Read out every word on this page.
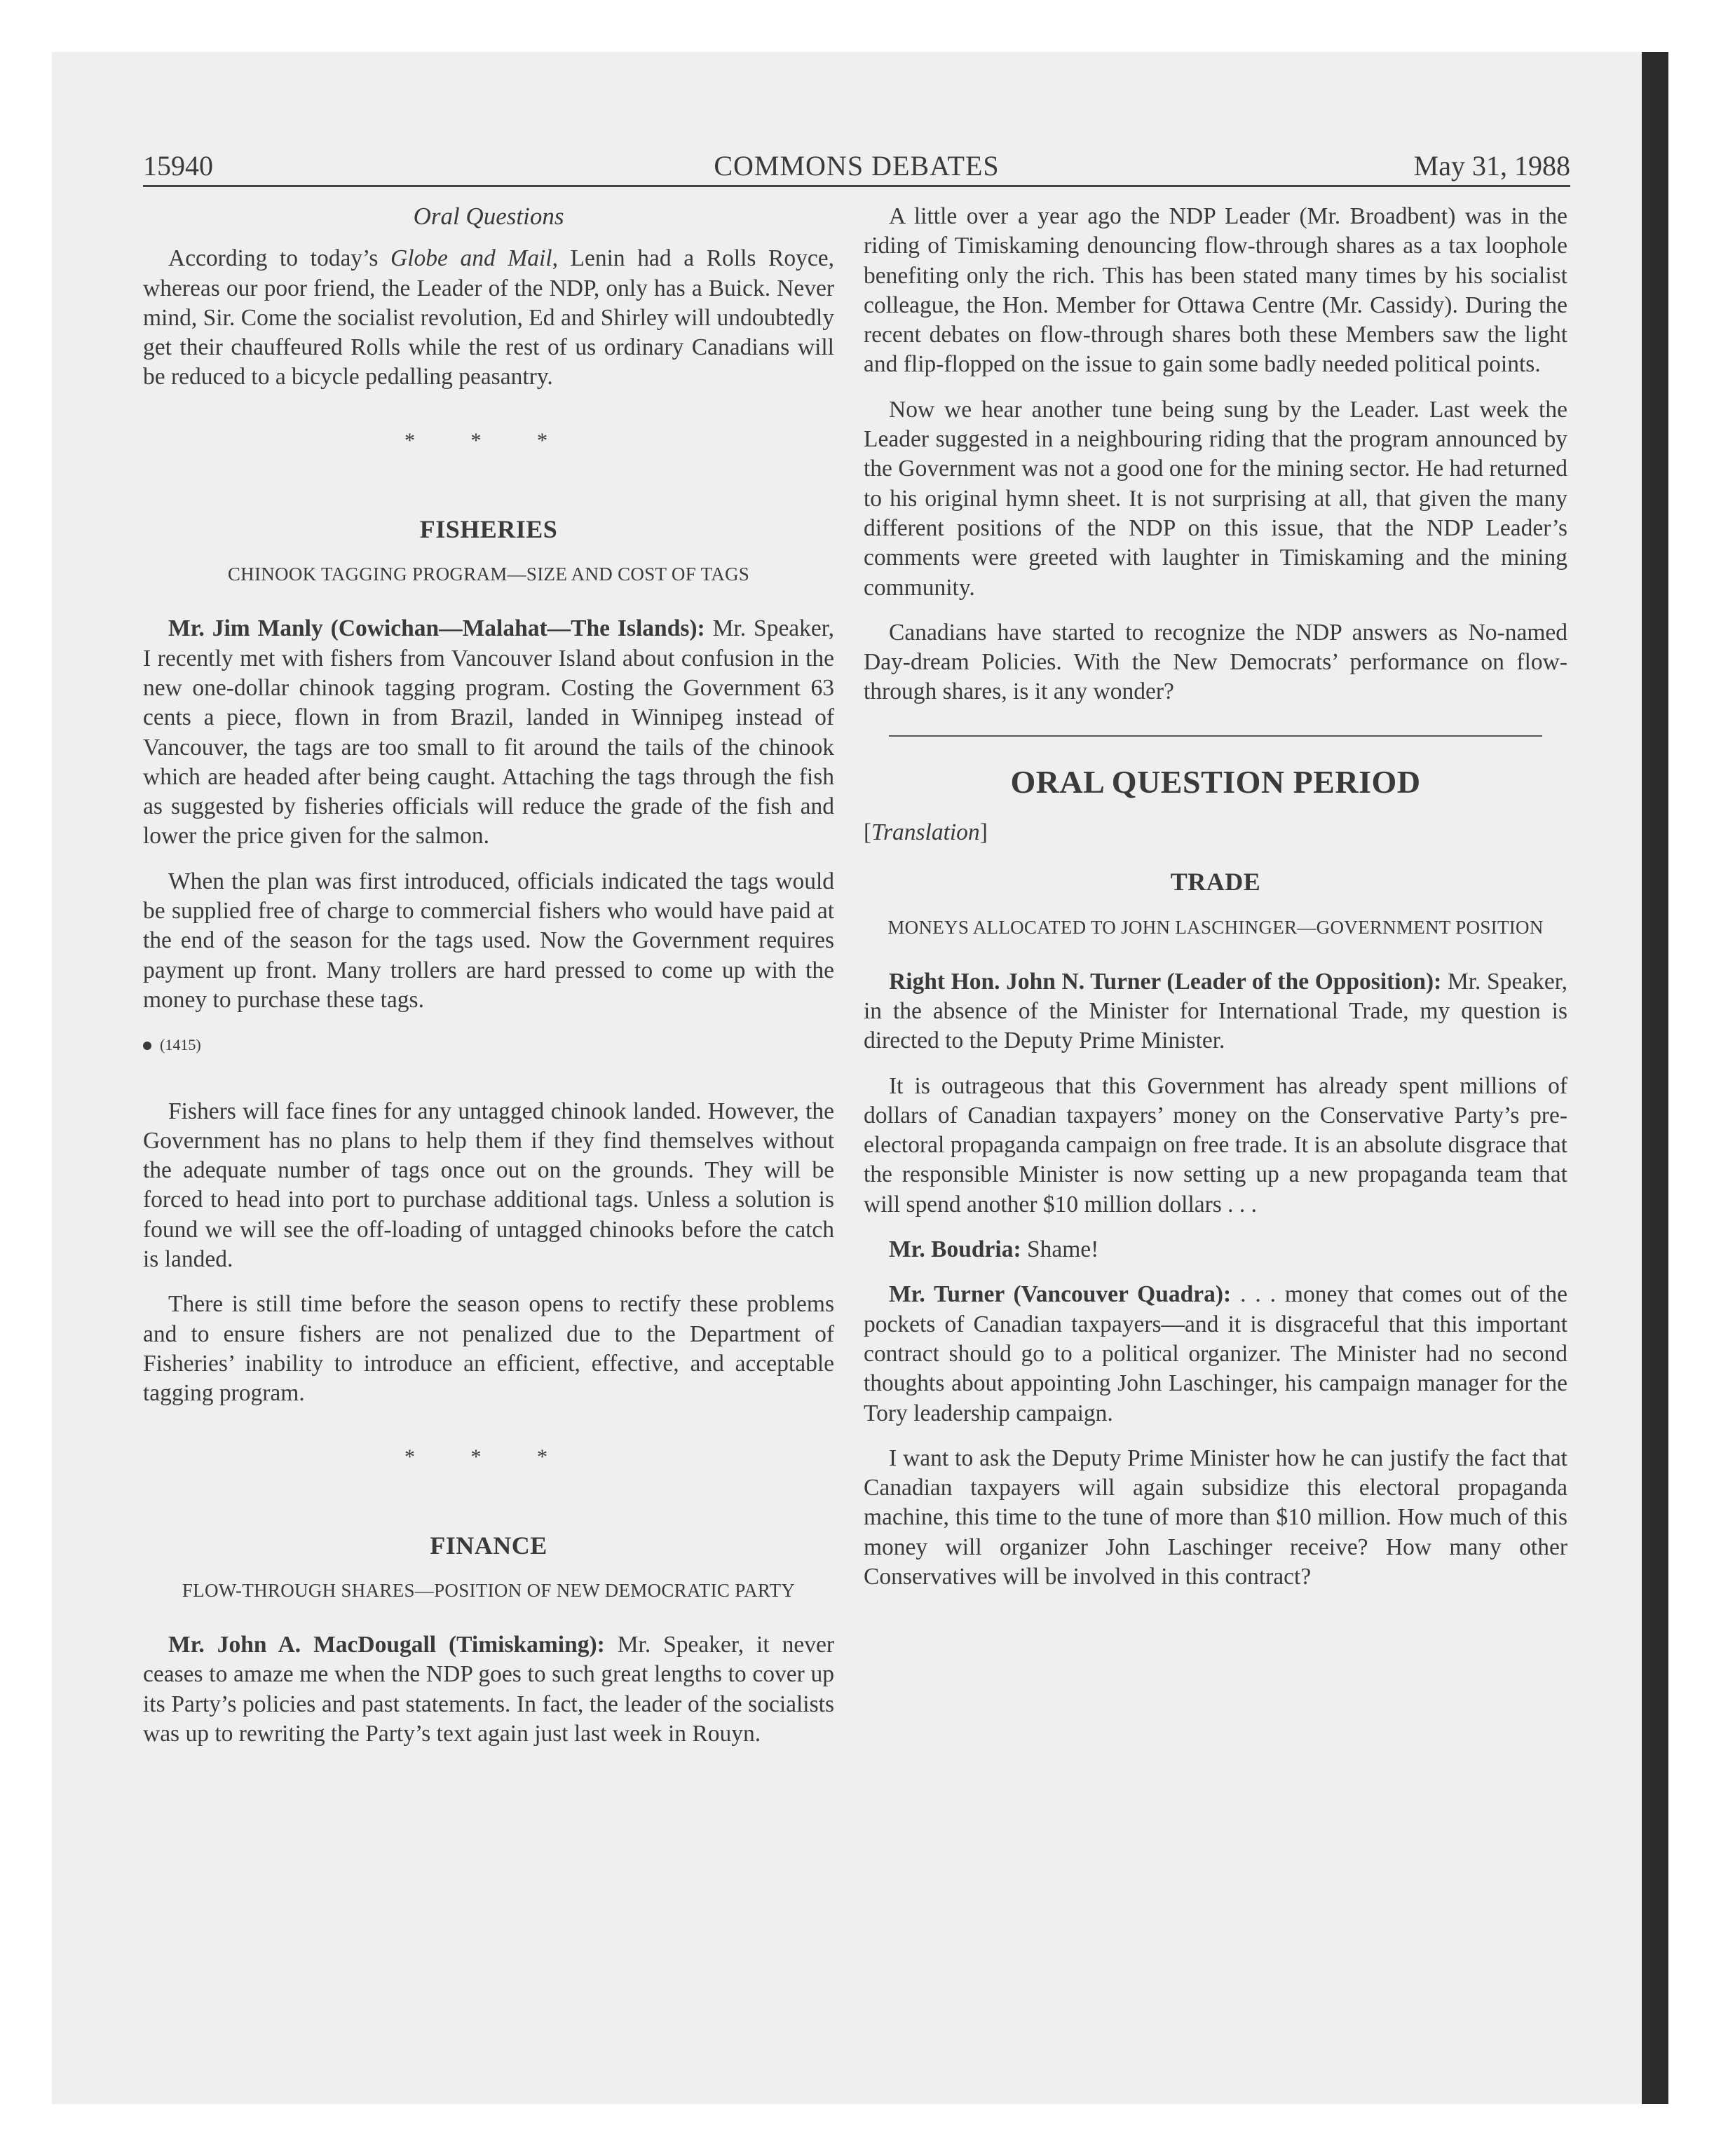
15940	COMMONS DEBATES	May 31, 1988
Oral Questions

According to today’s Globe and Mail, Lenin had a Rolls Royce, whereas our poor friend, the Leader of the NDP, only has a Buick. Never mind, Sir. Come the socialist revolution, Ed and Shirley will undoubtedly get their chauffeured Rolls while the rest of us ordinary Canadians will be reduced to a bicycle pedalling peasantry.

* * *
FISHERIES
CHINOOK TAGGING PROGRAM—SIZE AND COST OF TAGS

Mr. Jim Manly (Cowichan—Malahat—The Islands): Mr. Speaker, I recently met with fishers from Vancouver Island about confusion in the new one-dollar chinook tagging program. Costing the Government 63 cents a piece, flown in from Brazil, landed in Winnipeg instead of Vancouver, the tags are too small to fit around the tails of the chinook which are headed after being caught. Attaching the tags through the fish as suggested by fisheries officials will reduce the grade of the fish and lower the price given for the salmon.

When the plan was first introduced, officials indicated the tags would be supplied free of charge to commercial fishers who would have paid at the end of the season for the tags used. Now the Government requires payment up front. Many trollers are hard pressed to come up with the money to purchase these tags.

(1415)

Fishers will face fines for any untagged chinook landed. However, the Government has no plans to help them if they find themselves without the adequate number of tags once out on the grounds. They will be forced to head into port to purchase additional tags. Unless a solution is found we will see the off-loading of untagged chinooks before the catch is landed.

There is still time before the season opens to rectify these problems and to ensure fishers are not penalized due to the Department of Fisheries’ inability to introduce an efficient, effective, and acceptable tagging program.

* * *
FINANCE
FLOW-THROUGH SHARES—POSITION OF NEW DEMOCRATIC PARTY

Mr. John A. MacDougall (Timiskaming): Mr. Speaker, it never ceases to amaze me when the NDP goes to such great lengths to cover up its Party’s policies and past statements. In fact, the leader of the socialists was up to rewriting the Party’s text again just last week in Rouyn.

A little over a year ago the NDP Leader (Mr. Broadbent) was in the riding of Timiskaming denouncing flow-through shares as a tax loophole benefiting only the rich. This has been stated many times by his socialist colleague, the Hon. Member for Ottawa Centre (Mr. Cassidy). During the recent debates on flow-through shares both these Members saw the light and flip-flopped on the issue to gain some badly needed political points.

Now we hear another tune being sung by the Leader. Last week the Leader suggested in a neighbouring riding that the program announced by the Government was not a good one for the mining sector. He had returned to his original hymn sheet. It is not surprising at all, that given the many different positions of the NDP on this issue, that the NDP Leader’s comments were greeted with laughter in Timiskaming and the mining community.

Canadians have started to recognize the NDP answers as No-named Day-dream Policies. With the New Democrats’ performance on flow-through shares, is it any wonder?

ORAL QUESTION PERIOD
[Translation]
TRADE
MONEYS ALLOCATED TO JOHN LASCHINGER—GOVERNMENT POSITION

Right Hon. John N. Turner (Leader of the Opposition): Mr. Speaker, in the absence of the Minister for International Trade, my question is directed to the Deputy Prime Minister.

It is outrageous that this Government has already spent millions of dollars of Canadian taxpayers’ money on the Conservative Party’s pre-electoral propaganda campaign on free trade. It is an absolute disgrace that the responsible Minister is now setting up a new propaganda team that will spend another $10 million dollars . . .

Mr. Boudria: Shame!

Mr. Turner (Vancouver Quadra): . . . money that comes out of the pockets of Canadian taxpayers—and it is disgraceful that this important contract should go to a political organizer. The Minister had no second thoughts about appointing John Laschinger, his campaign manager for the Tory leadership campaign.

I want to ask the Deputy Prime Minister how he can justify the fact that Canadian taxpayers will again subsidize this electoral propaganda machine, this time to the tune of more than $10 million. How much of this money will organizer John Laschinger receive? How many other Conservatives will be involved in this contract?
